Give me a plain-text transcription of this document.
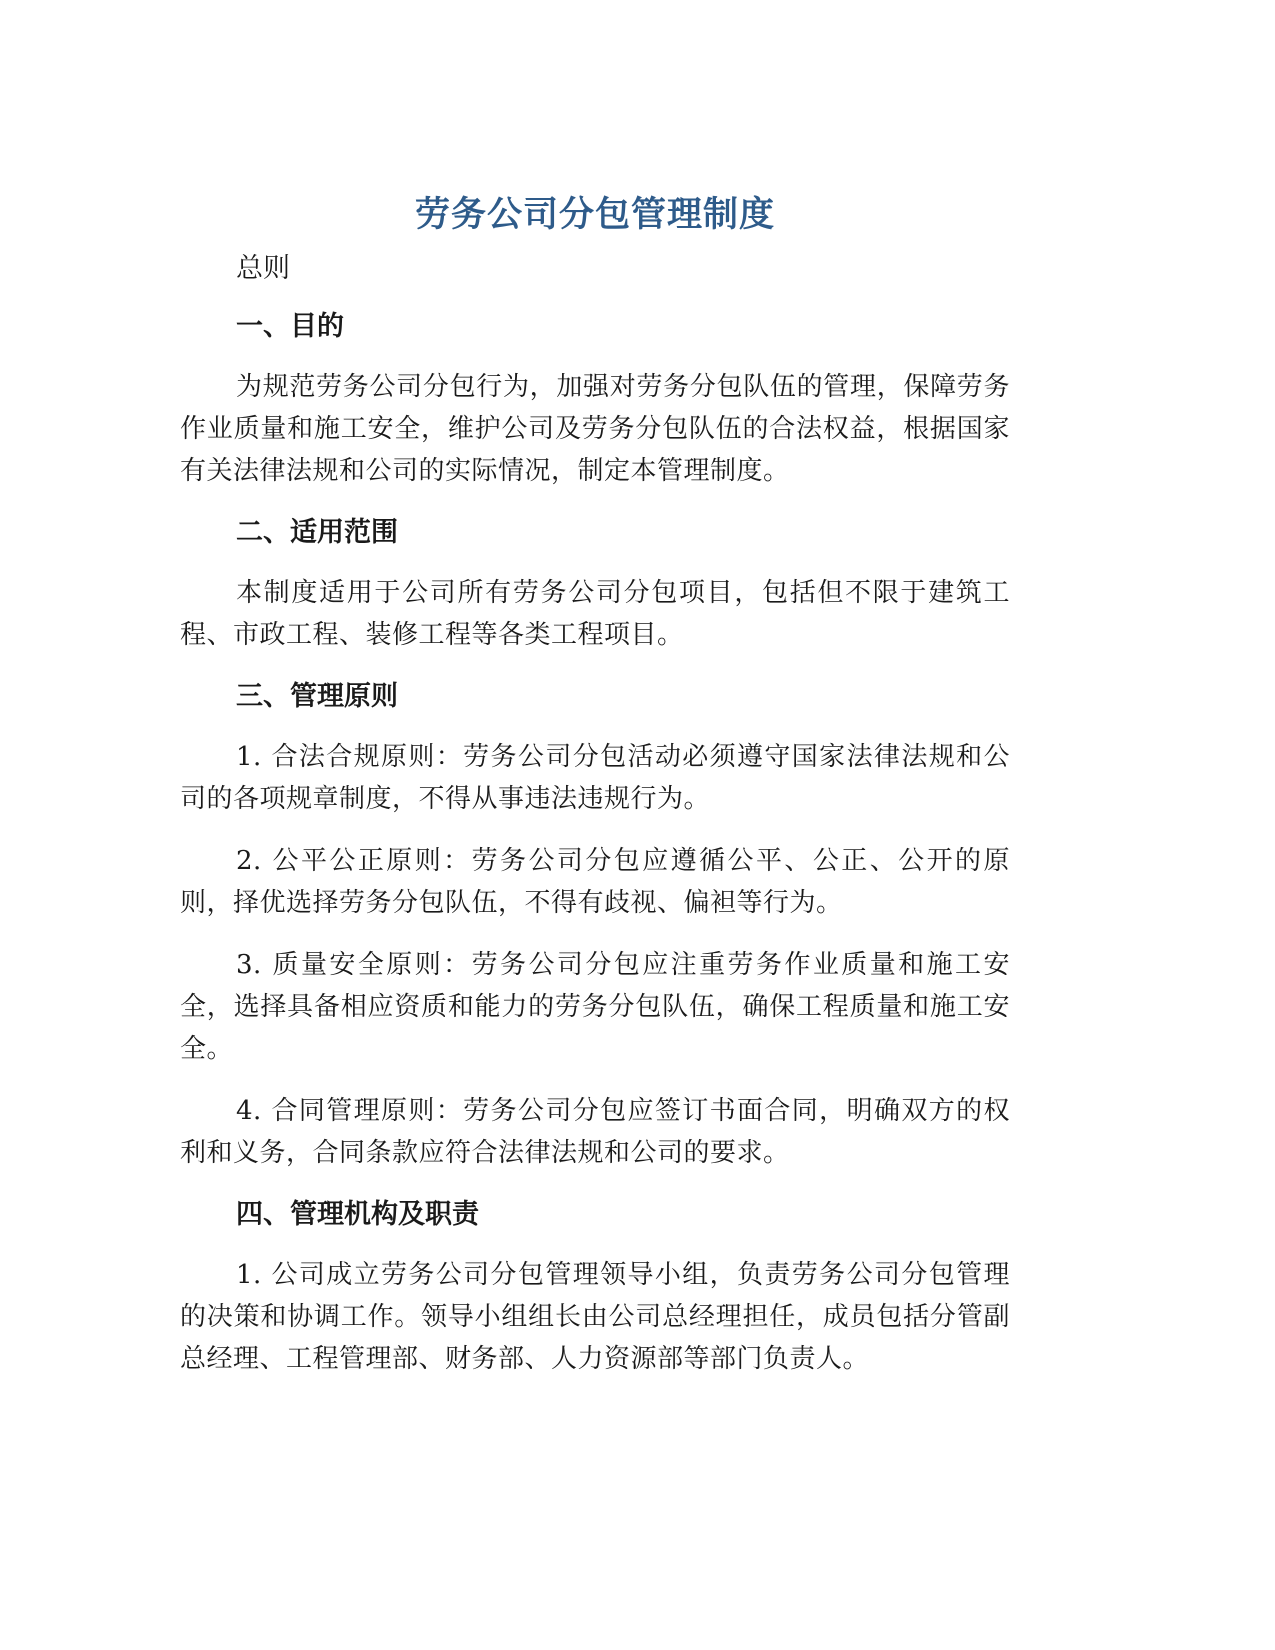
劳务公司分包管理制度
总则
一、目的

为规范劳务公司分包行为，加强对劳务分包队伍的管理，保障劳务作业质量和施工安全，维护公司及劳务分包队伍的合法权益，根据国家有关法律法规和公司的实际情况，制定本管理制度。

二、适用范围

本制度适用于公司所有劳务公司分包项目，包括但不限于建筑工程、市政工程、装修工程等各类工程项目。

三、管理原则

1. 合法合规原则：劳务公司分包活动必须遵守国家法律法规和公司的各项规章制度，不得从事违法违规行为。

2. 公平公正原则：劳务公司分包应遵循公平、公正、公开的原则，择优选择劳务分包队伍，不得有歧视、偏袒等行为。

3. 质量安全原则：劳务公司分包应注重劳务作业质量和施工安全，选择具备相应资质和能力的劳务分包队伍，确保工程质量和施工安全。

4. 合同管理原则：劳务公司分包应签订书面合同，明确双方的权利和义务，合同条款应符合法律法规和公司的要求。

四、管理机构及职责

1. 公司成立劳务公司分包管理领导小组，负责劳务公司分包管理的决策和协调工作。领导小组组长由公司总经理担任，成员包括分管副总经理、工程管理部、财务部、人力资源部等部门负责人。
